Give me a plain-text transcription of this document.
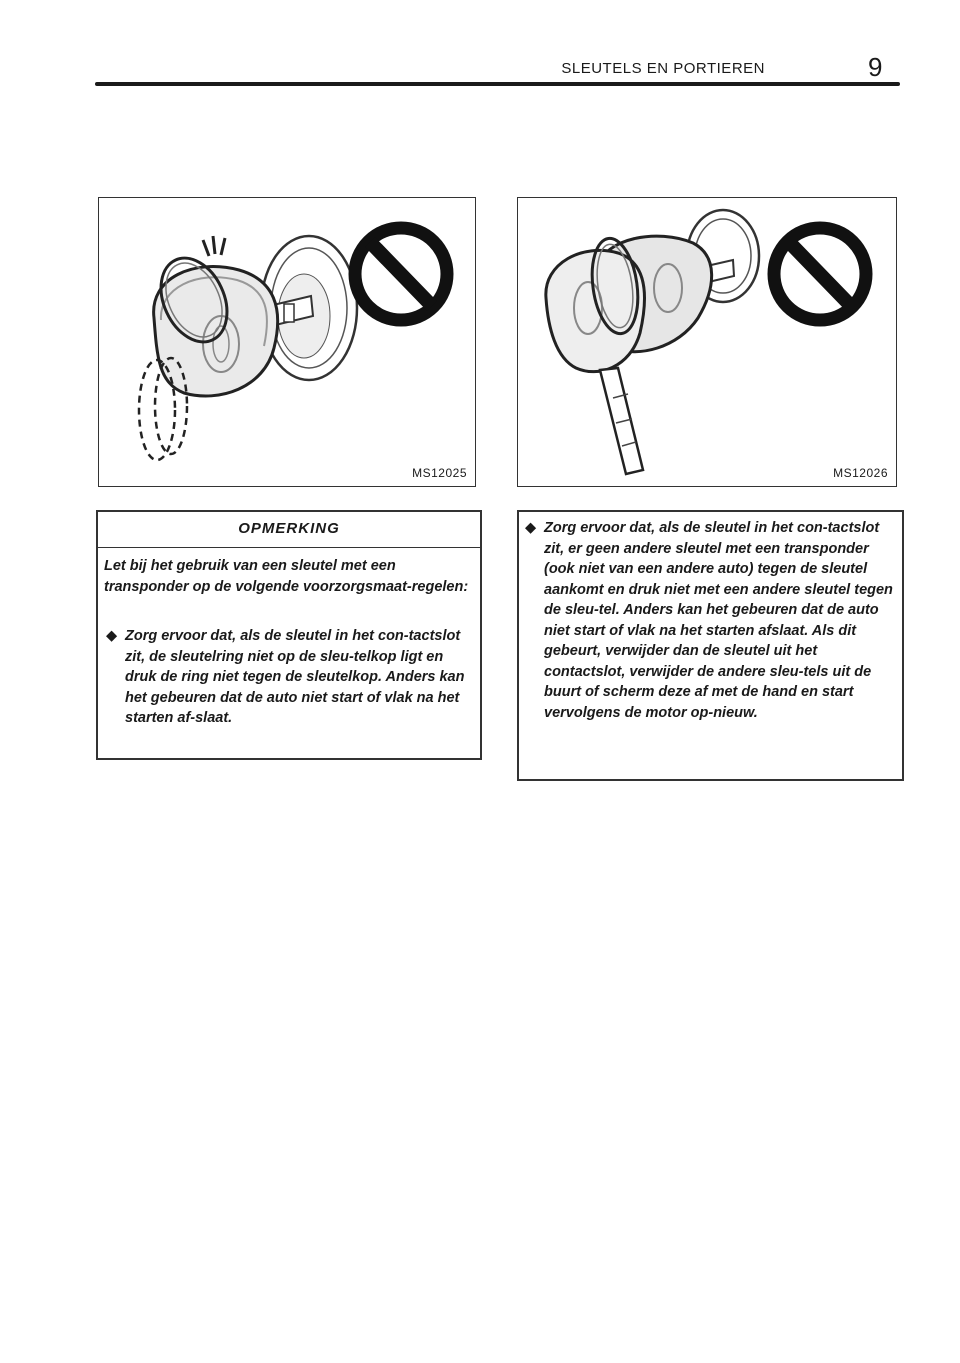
SLEUTELS EN PORTIEREN	9
MS12025	MS12026
OPMERKING
Let bij het gebruik van een sleutel met een transponder op de volgende voorzorgsmaat-regelen:
◆ Zorg ervoor dat, als de sleutel in het con-tactslot zit, de sleutelring niet op de sleu-telkop ligt en druk de ring niet tegen de sleutelkop. Anders kan het gebeuren dat de auto niet start of vlak na het starten af-slaat.
◆ Zorg ervoor dat, als de sleutel in het con-tactslot zit, er geen andere sleutel met een transponder (ook niet van een andere auto) tegen de sleutel aankomt en druk niet met een andere sleutel tegen de sleu-tel. Anders kan het gebeuren dat de auto niet start of vlak na het starten afslaat. Als dit gebeurt, verwijder dan de sleutel uit het contactslot, verwijder de andere sleu-tels uit de buurt of scherm deze af met de hand en start vervolgens de motor op-nieuw.
